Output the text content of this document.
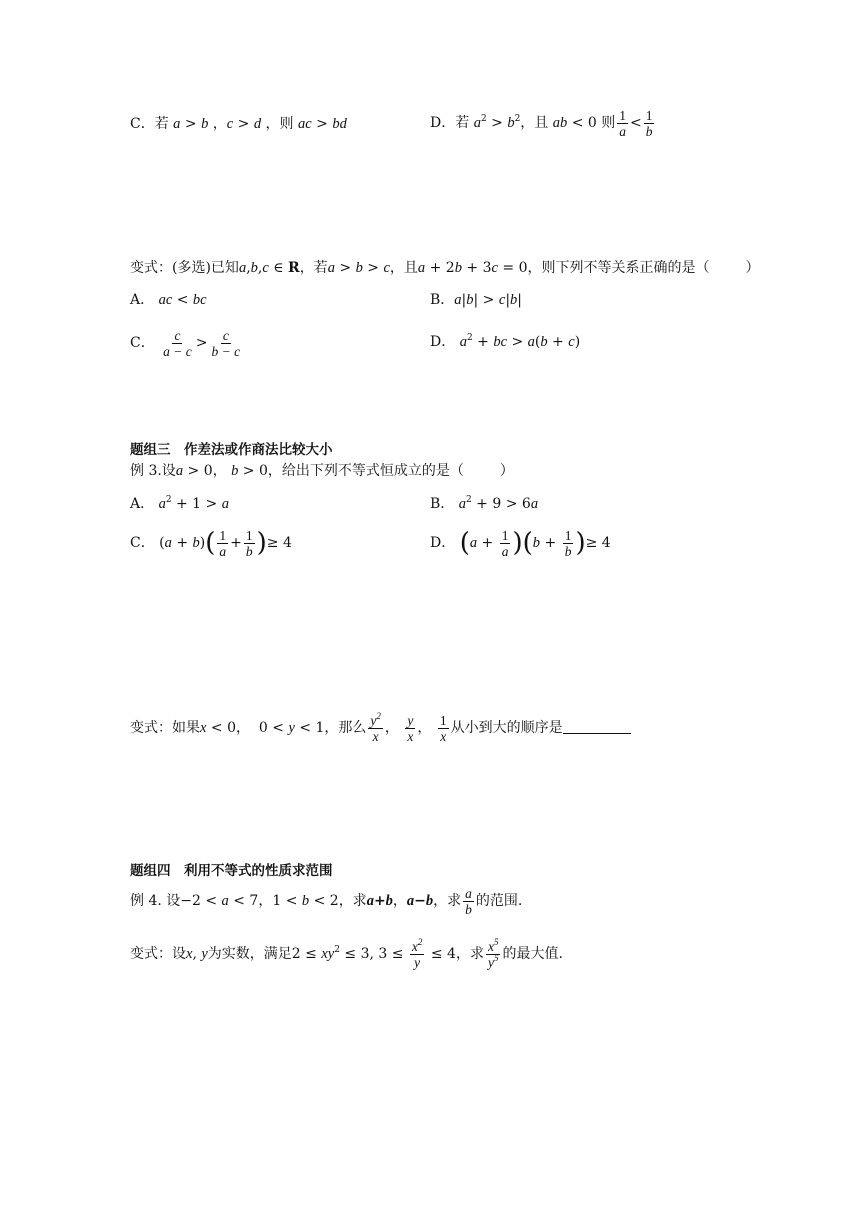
C．若 a > b ，c > d ，则 ac > bd	D．若 $a^2 > b^2$，且 ab < 0 则 $\frac{1}{a} < \frac{1}{b}$
变式：(多选)已知a,b,c ∈ R，若a > b > c，且a + 2b + 3c = 0，则下列不等关系正确的是（	）
A． ac < bc	B．a|b| > c|b|
C． $\frac{c}{a - c} > \frac{c}{b - c}$	D． $a^2$ + bc > a(b + c)
题组三　作差法或作商法比较大小
例 3.设a > 0， b > 0，给出下列不等式恒成立的是（	）
A． $a^2 + 1 > a$	B． $a^2 + 9 > 6a$
C． $(a + b)( \frac{1}{a} + \frac{1}{b}$ )≥ 4	D． $(a + \frac{1}{a} )(b + \frac{1}{b}$ )≥ 4
变式：如果x < 0，  0 < y < 1，那么 $\frac{y^2}{x}$ ， $\frac{y}{x}$ ， $\frac{1}{x}$ 从小到大的顺序是
题组四　利用不等式的性质求范围
例 4. 设−2 < a < 7，1 < b < 2，求a+b，a−b，求 $\frac{a}{b}$ 的范围.
变式：设x, y为实数，满足$2 \le xy^2 \le 3$, $3 \le \frac{x^2}{y} \le 4$，求 $\frac{x^5}{y^5}$ 的最大值.
